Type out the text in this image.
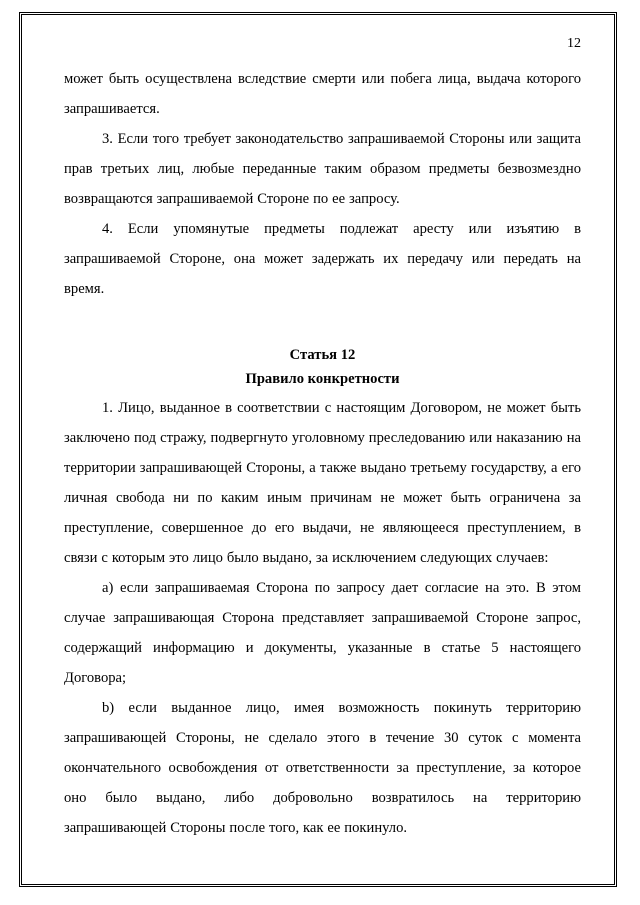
12

может быть осуществлена вследствие смерти или побега лица, выдача которого запрашивается.

3. Если того требует законодательство запрашиваемой Стороны или защита прав третьих лиц, любые переданные таким образом предметы безвозмездно возвращаются запрашиваемой Стороне по ее запросу.

4. Если упомянутые предметы подлежат аресту или изъятию в запрашиваемой Стороне, она может задержать их передачу или передать на время.

Статья 12

Правило конкретности

1. Лицо, выданное в соответствии с настоящим Договором, не может быть заключено под стражу, подвергнуто уголовному преследованию или наказанию на территории запрашивающей Стороны, а также выдано третьему государству, а его личная свобода ни по каким иным причинам не может быть ограничена за преступление, совершенное до его выдачи, не являющееся преступлением, в связи с которым это лицо было выдано, за исключением следующих случаев:

а) если запрашиваемая Сторона по запросу дает согласие на это. В этом случае запрашивающая Сторона представляет запрашиваемой Стороне запрос, содержащий информацию и документы, указанные в статье 5 настоящего Договора;

b) если выданное лицо, имея возможность покинуть территорию запрашивающей Стороны, не сделало этого в течение 30 суток с момента окончательного освобождения от ответственности за преступление, за которое оно было выдано, либо добровольно возвратилось на территорию запрашивающей Стороны после того, как ее покинуло.
